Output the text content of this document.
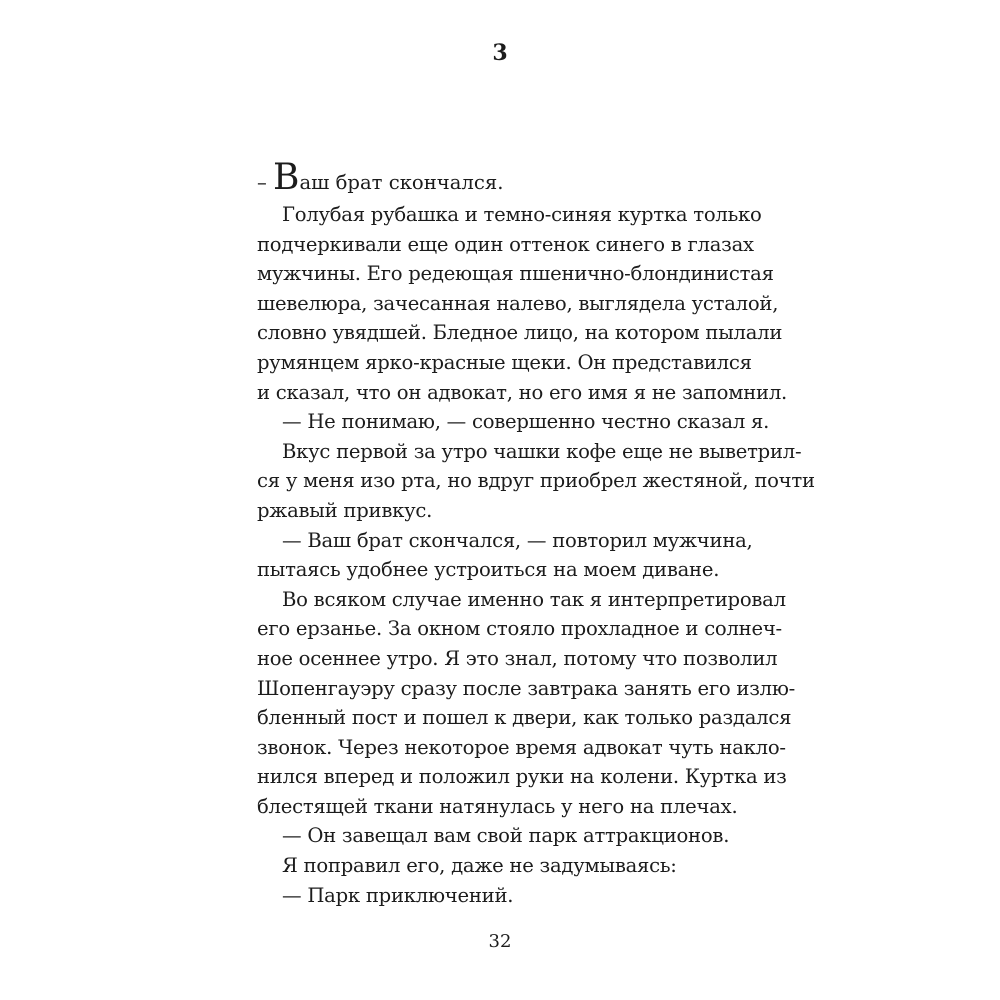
3
– Ваш брат скончался.
Голубая рубашка и темно-синяя куртка только
подчеркивали еще один оттенок синего в глазах
мужчины. Его редеющая пшенично-блондинистая
шевелюра, зачесанная налево, выглядела усталой,
словно увядшей. Бледное лицо, на котором пылали
румянцем ярко-красные щеки. Он представился
и сказал, что он адвокат, но его имя я не запомнил.
— Не понимаю, — совершенно честно сказал я.
Вкус первой за утро чашки кофе еще не выветрил-
ся у меня изо рта, но вдруг приобрел жестяной, почти
ржавый привкус.
— Ваш брат скончался, — повторил мужчина,
пытаясь удобнее устроиться на моем диване.
Во всяком случае именно так я интерпретировал
его ерзанье. За окном стояло прохладное и солнеч-
ное осеннее утро. Я это знал, потому что позволил
Шопенгауэру сразу после завтрака занять его излю-
бленный пост и пошел к двери, как только раздался
звонок. Через некоторое время адвокат чуть накло-
нился вперед и положил руки на колени. Куртка из
блестящей ткани натянулась у него на плечах.
— Он завещал вам свой парк аттракционов.
Я поправил его, даже не задумываясь:
— Парк приключений.
32
